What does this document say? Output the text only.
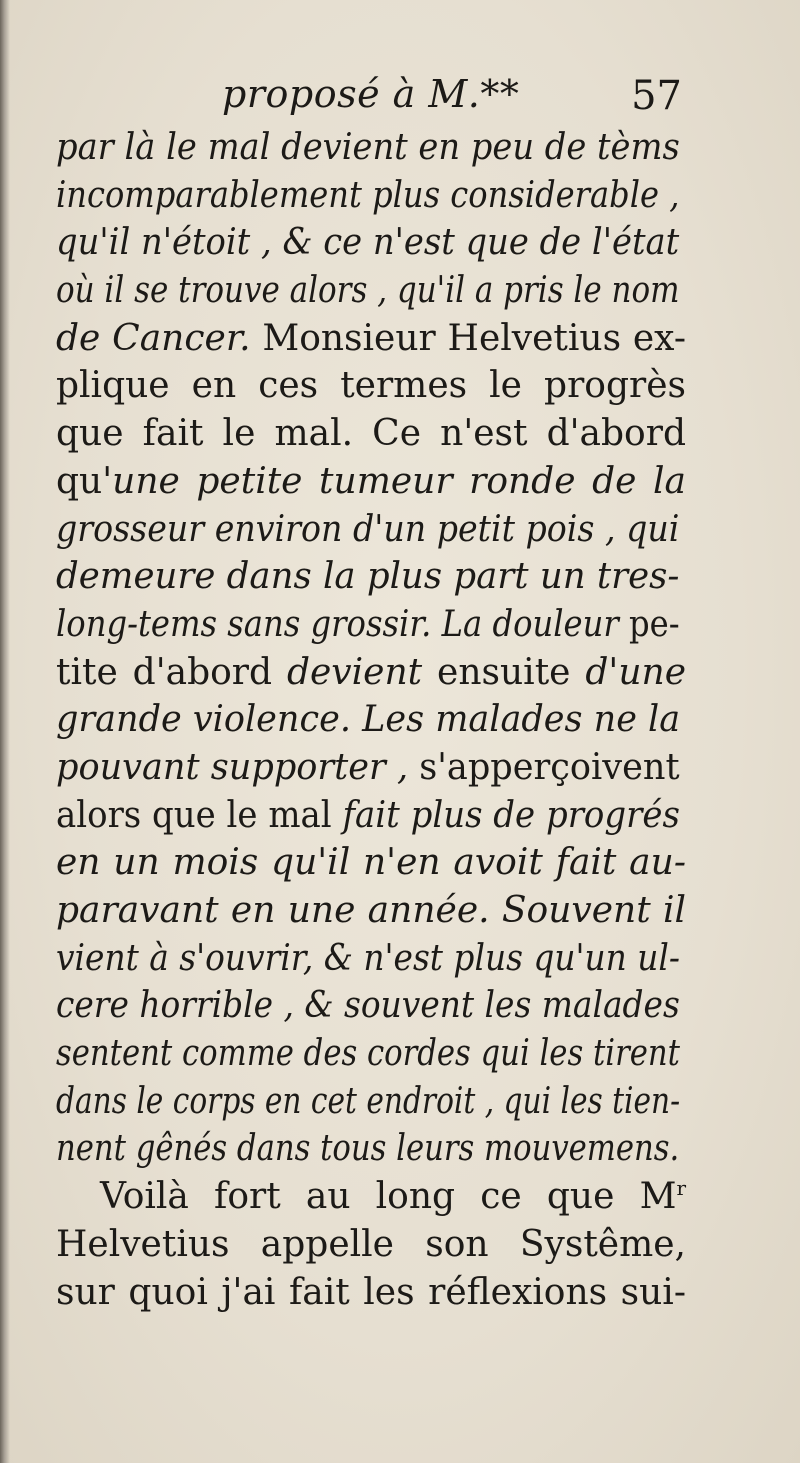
proposé à M.**	57
par là le mal devient en peu de tèms
incomparablement plus considerable ,
qu'il n'étoit , & ce n'est que de l'état
où il se trouve alors , qu'il a pris le nom
de Cancer. Monsieur Helvetius ex-
plique en ces termes le progrès
que fait le mal. Ce n'est d'abord
qu'une petite tumeur ronde de la
grosseur environ d'un petit pois , qui
demeure dans la plus part un tres-
long-tems sans grossir. La douleur pe-
tite d'abord devient ensuite d'une
grande violence. Les malades ne la
pouvant supporter , s'apperçoivent
alors que le mal fait plus de progrés
en un mois qu'il n'en avoit fait au-
paravant en une année. Souvent il
vient à s'ouvrir, & n'est plus qu'un ul-
cere horrible , & souvent les malades
sentent comme des cordes qui les tirent
dans le corps en cet endroit , qui les tien-
nent gênés dans tous leurs mouvemens.
Voilà fort au long ce que $M^r$
Helvetius appelle son Systême,
sur quoi j'ai fait les réflexions sui-
